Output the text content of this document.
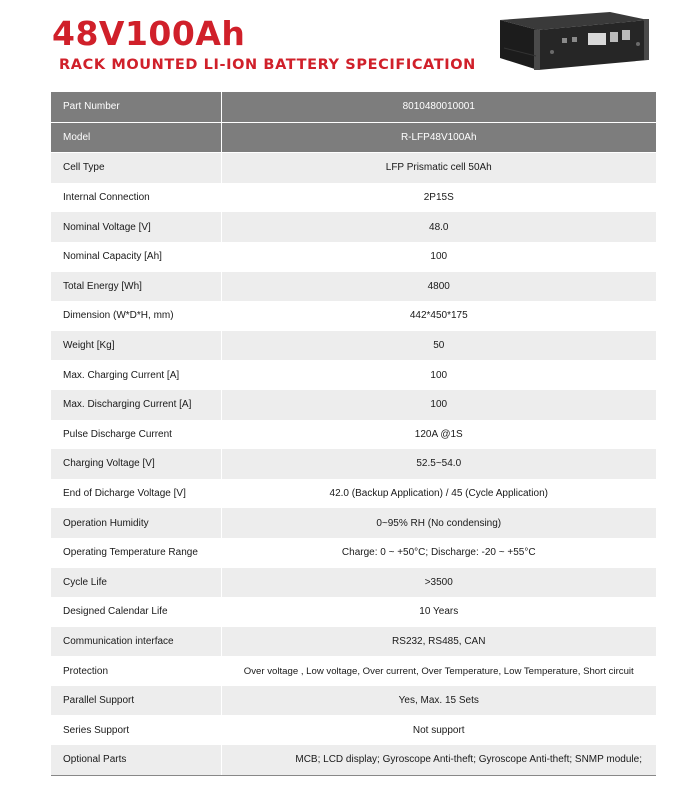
48V100Ah
RACK MOUNTED LI-ION BATTERY SPECIFICATION
Part Number	8010480010001
Model	R-LFP48V100Ah
Cell Type	LFP Prismatic cell 50Ah
Internal Connection	2P15S
Nominal Voltage [V]	48.0
Nominal Capacity [Ah]	100
Total Energy [Wh]	4800
Dimension (W*D*H, mm)	442*450*175
Weight [Kg]	50
Max. Charging Current [A]	100
Max. Discharging Current [A]	100
Pulse Discharge Current	120A @1S
Charging Voltage [V]	52.5~54.0
End of Dicharge Voltage [V]	42.0 (Backup Application) / 45 (Cycle Application)
Operation Humidity	0~95% RH (No condensing)
Operating Temperature Range	Charge: 0 ~ +50°C; Discharge: -20 ~ +55°C
Cycle Life	>3500
Designed Calendar Life	10 Years
Communication interface	RS232, RS485, CAN
Protection	Over voltage , Low voltage, Over current, Over Temperature, Low Temperature, Short circuit
Parallel Support	Yes, Max. 15 Sets
Series Support	Not support
Optional Parts	MCB; LCD display; Gyroscope Anti-theft; Gyroscope Anti-theft; SNMP module;
